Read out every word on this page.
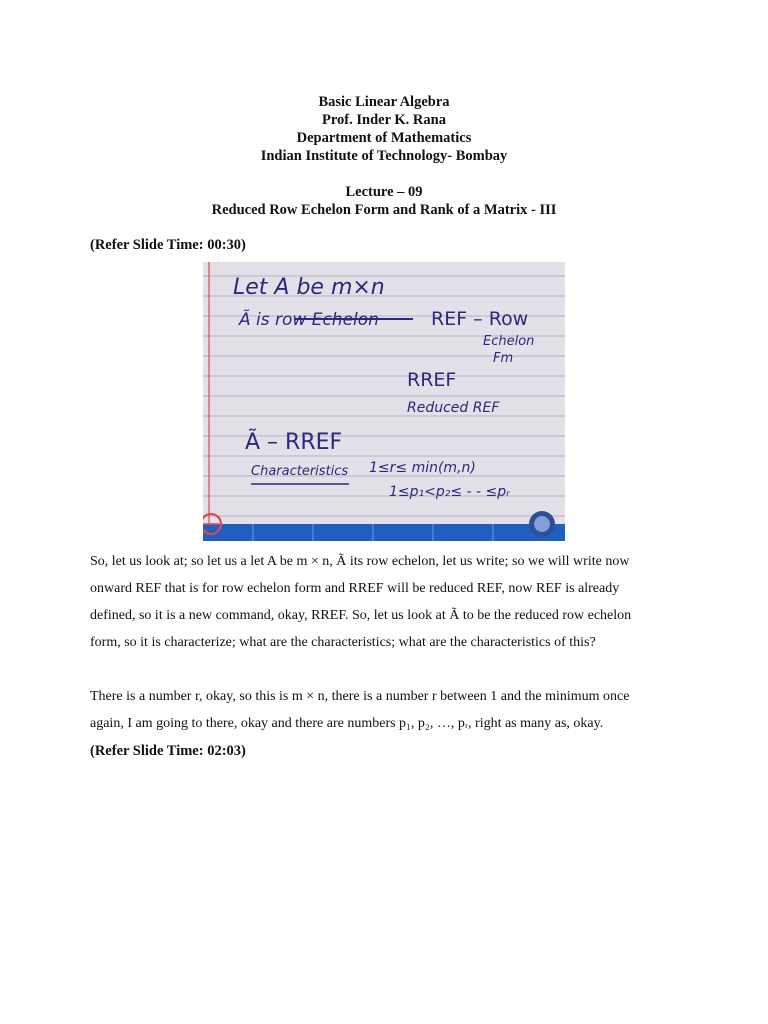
Basic Linear Algebra
Prof. Inder K. Rana
Department of Mathematics
Indian Institute of Technology- Bombay
Lecture – 09
Reduced Row Echelon Form and Rank of a Matrix - III
(Refer Slide Time: 00:30)
Let A be m×n
Ã is row Echelon	REF – Row
Echelon
Fm
RREF
Reduced REF
Ã – RREF
Characteristics 1≤r≤ min(m,n)
1≤p₁<p₂≤ - - ≤pᵣ

So, let us look at; so let us a let A be m × n, Ã its row echelon, let us write; so we will write now

onward REF that is for row echelon form and RREF will be reduced REF, now REF is already

defined, so it is a new command, okay, RREF. So, let us look at Ã to be the reduced row echelon

form, so it is characterize; what are the characteristics; what are the characteristics of this?

There is a number r, okay, so this is m × n, there is a number r between 1 and the minimum once

again, I am going to there, okay and there are numbers p₁, p₂, …, pᵣ, right as many as, okay.

(Refer Slide Time: 02:03)
